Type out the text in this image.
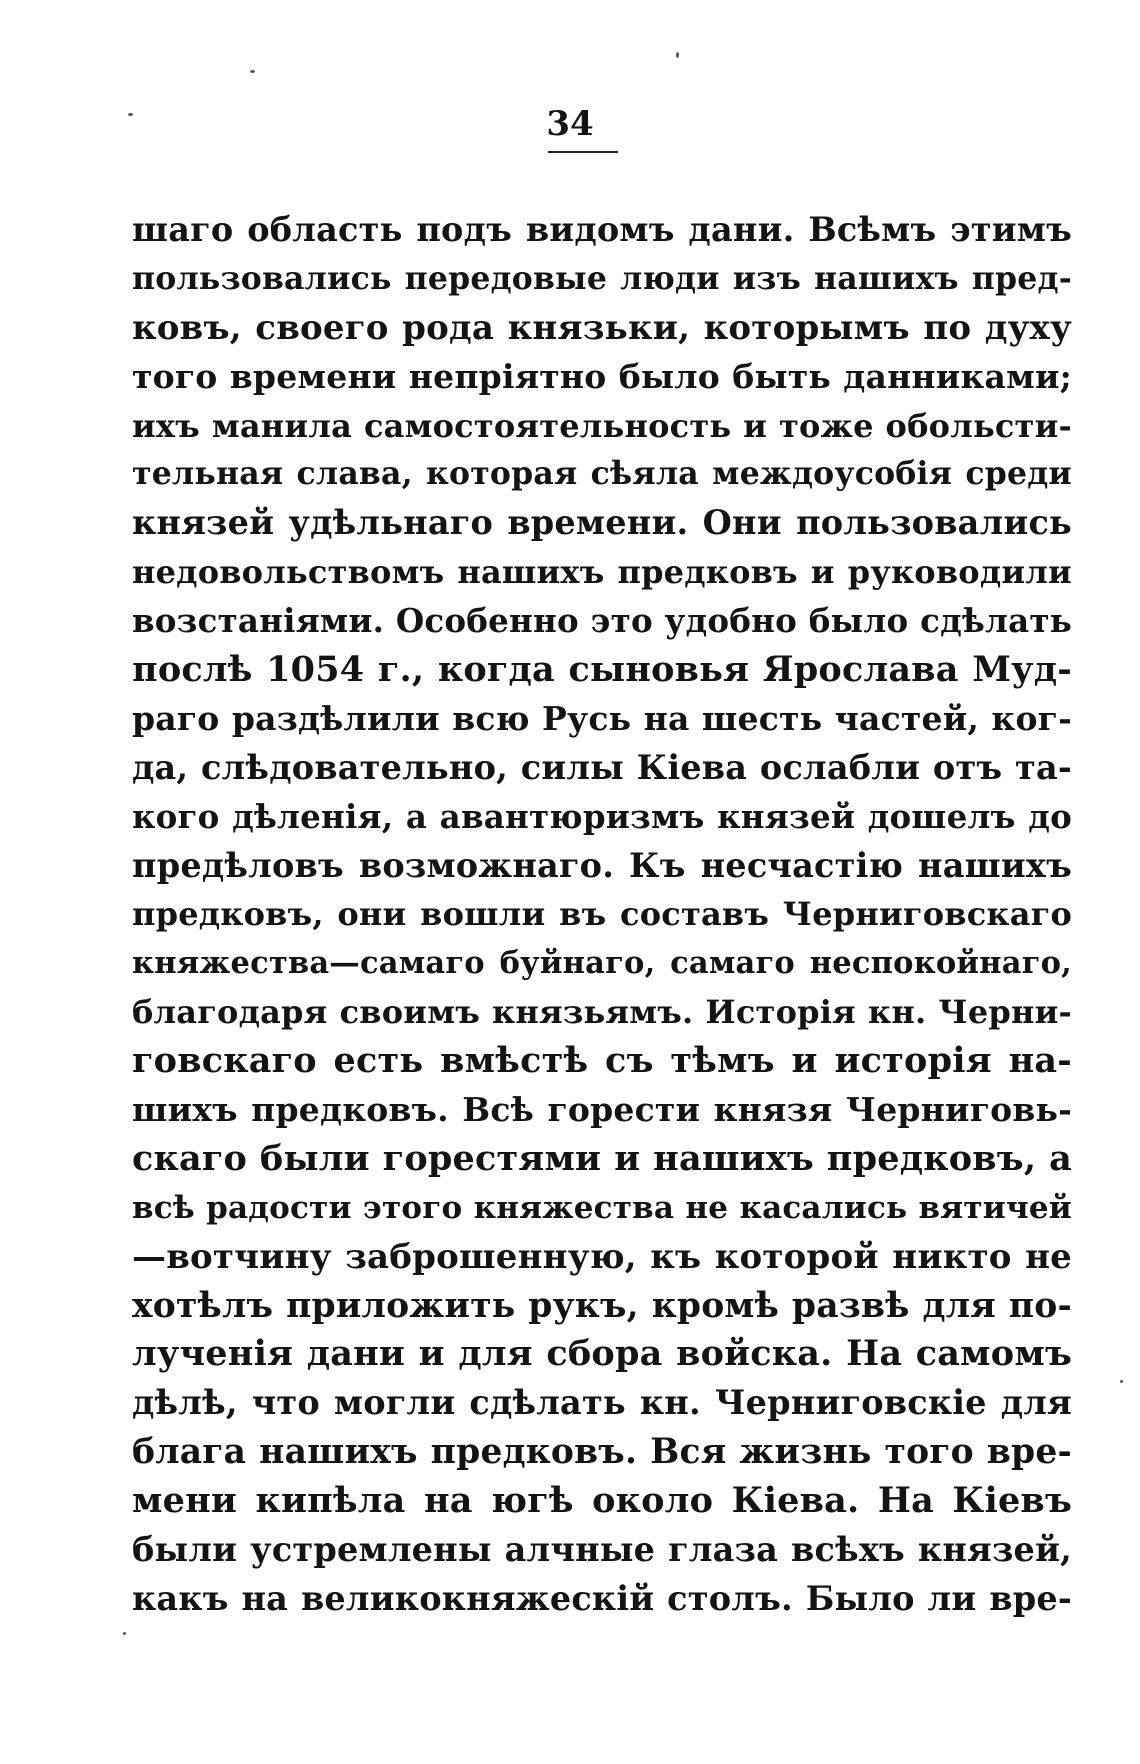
34
шаго область подъ видомъ дани. Всѣмъ этимъ
пользовались передовые люди изъ нашихъ пред-
ковъ, своего рода князьки, которымъ по духу
того времени непріятно было быть данниками;
ихъ манила самостоятельность и тоже обольсти-
тельная слава, которая сѣяла междоусобія среди
князей удѣльнаго времени. Они пользовались
недовольствомъ нашихъ предковъ и руководили
возстаніями. Особенно это удобно было сдѣлать
послѣ 1054 г., когда сыновья Ярослава Муд-
раго раздѣлили всю Русь на шесть частей, ког-
да, слѣдовательно, силы Кіева ослабли отъ та-
кого дѣленія, а авантюризмъ князей дошелъ до
предѣловъ возможнаго. Къ несчастію нашихъ
предковъ, они вошли въ составъ Черниговскаго
княжества—самаго буйнаго, самаго неспокойнаго,
благодаря своимъ князьямъ. Исторія кн. Черни-
говскаго есть вмѣстѣ съ тѣмъ и исторія на-
шихъ предковъ. Всѣ горести князя Черниговь-
скаго были горестями и нашихъ предковъ, а
всѣ радости этого княжества не касались вятичей
—вотчину заброшенную, къ которой никто не
хотѣлъ приложить рукъ, кромѣ развѣ для по-
лученія дани и для сбора войска. На самомъ
дѣлѣ, что могли сдѣлать кн. Черниговскіе для
блага нашихъ предковъ. Вся жизнь того вре-
мени кипѣла на югѣ около Кіева. На Кіевъ
были устремлены алчные глаза всѣхъ князей,
какъ на великокняжескій столъ. Было ли вре-
